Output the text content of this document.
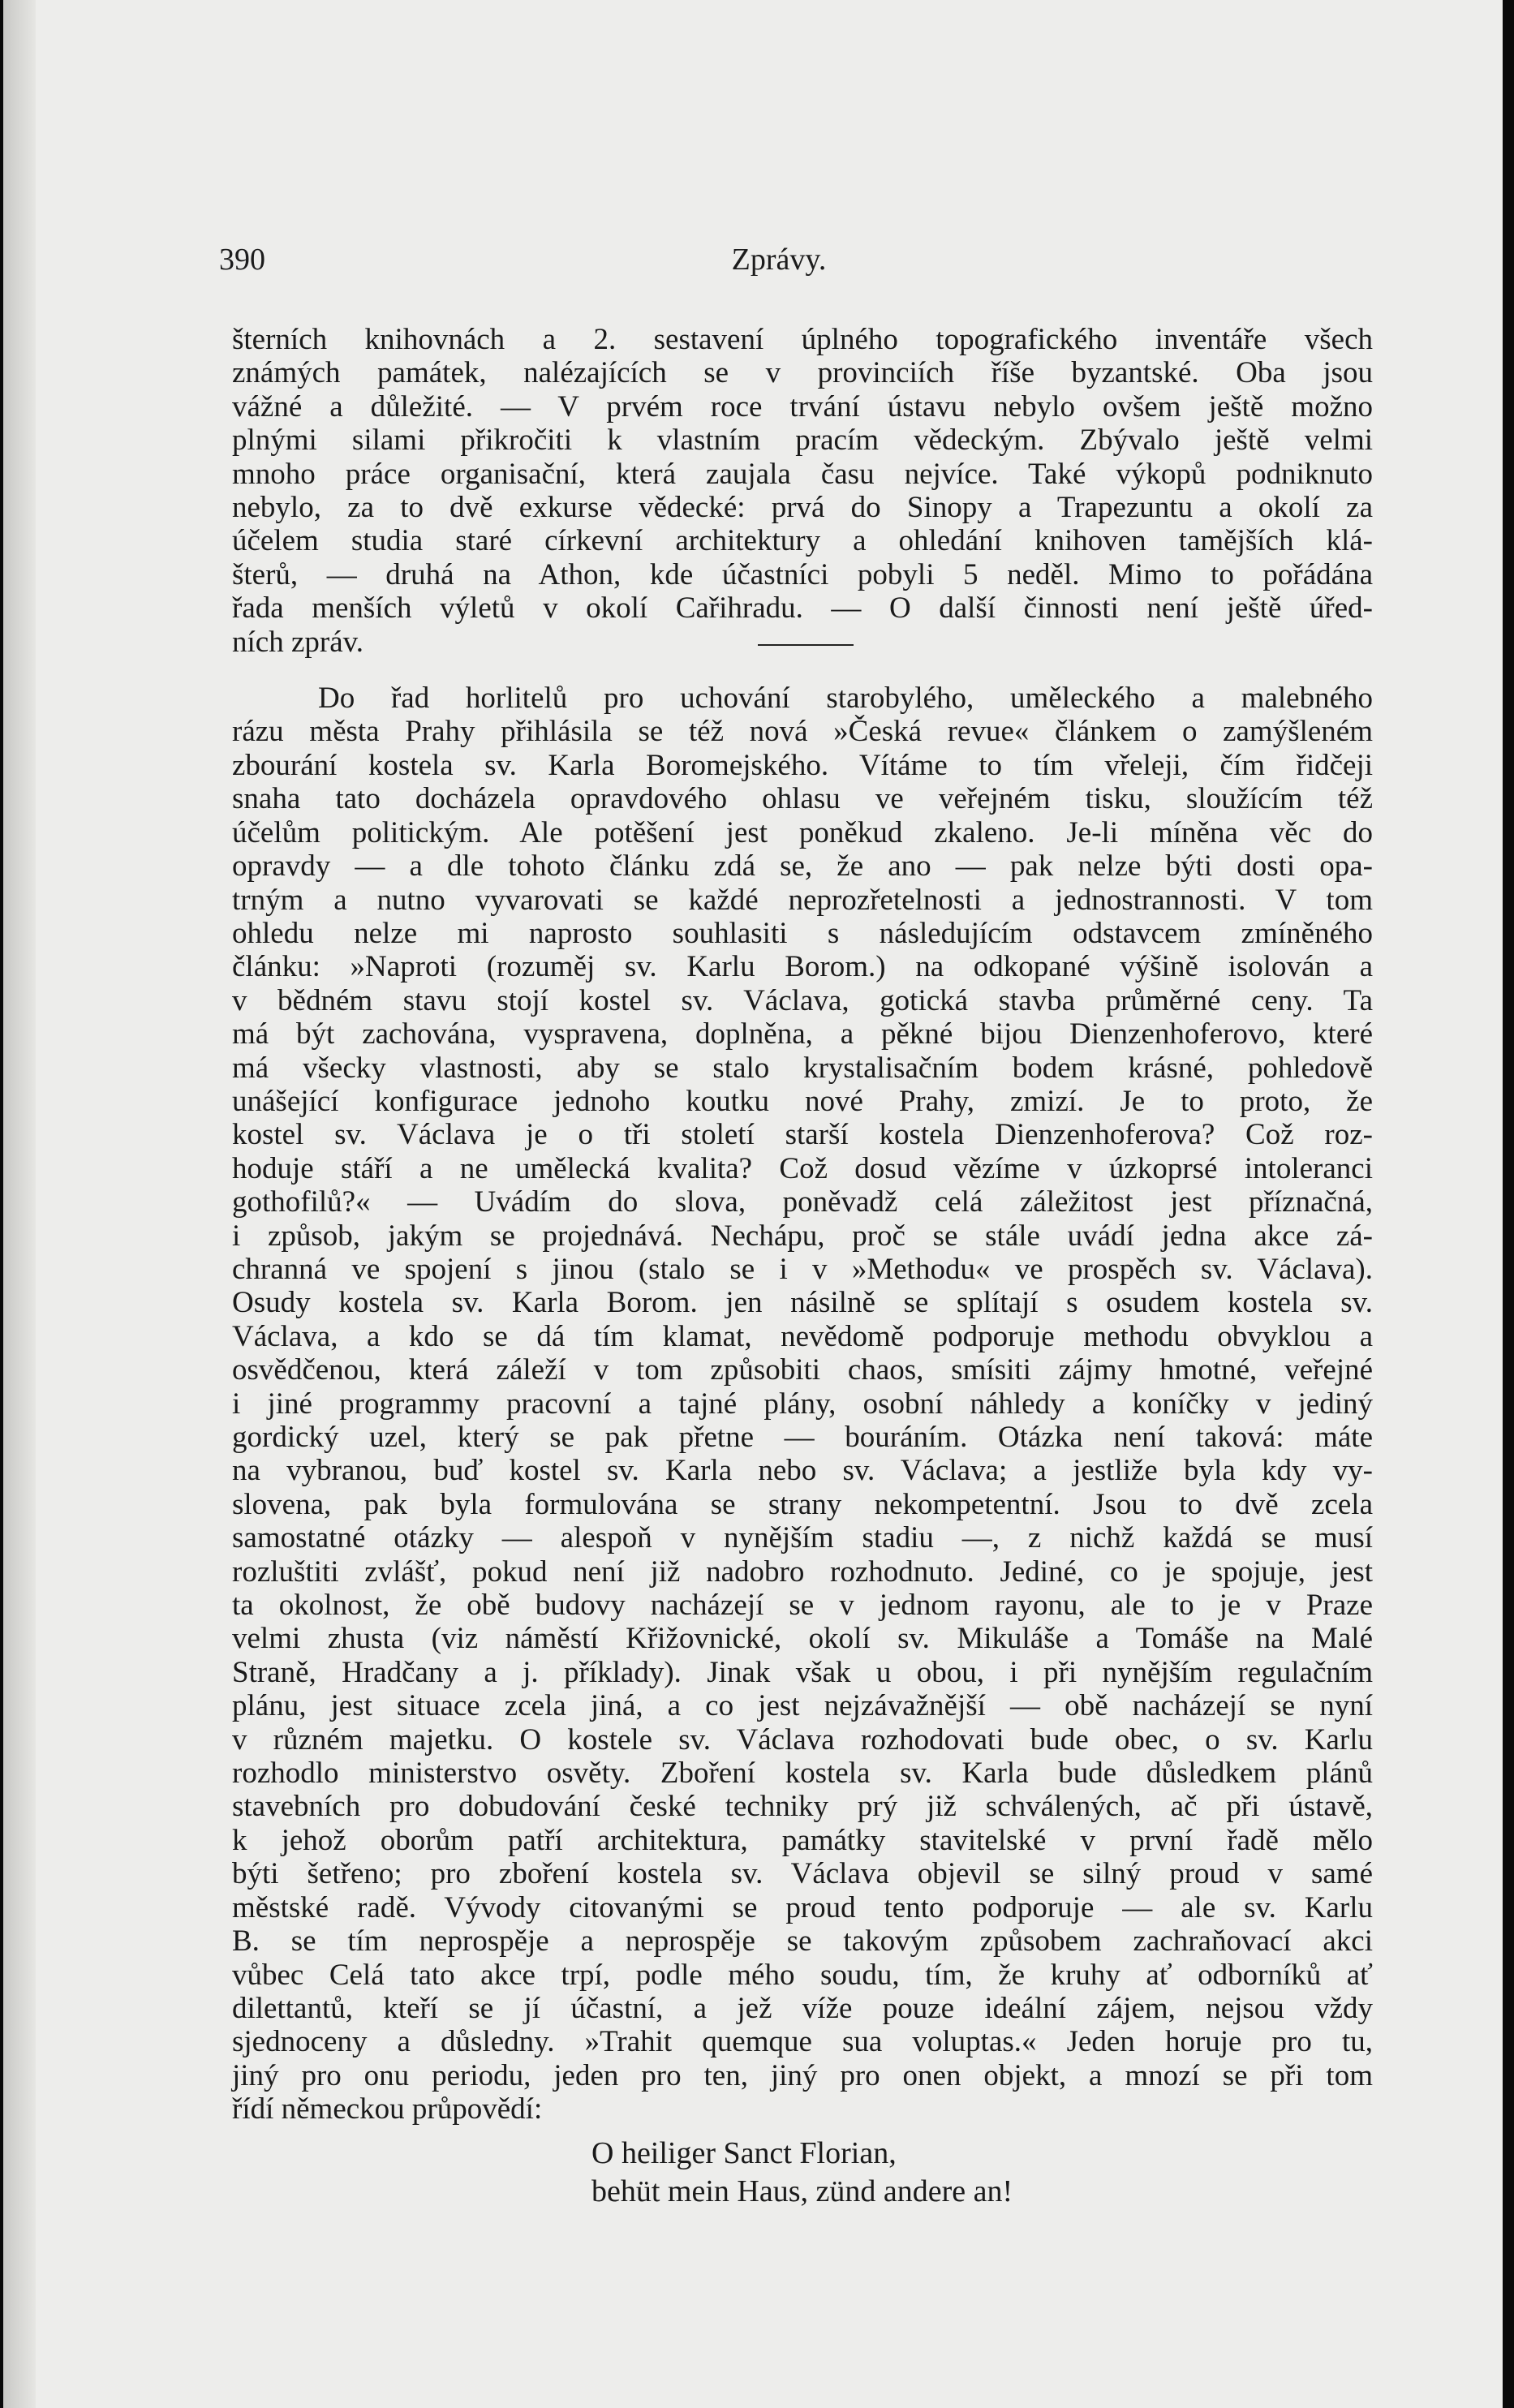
390	Zprávy.

šterních knihovnách a 2. sestavení úplného topografického inventáře všech

známých památek, nalézajících se v provinciích říše byzantské. Oba jsou

vážné a důležité. — V prvém roce trvání ústavu nebylo ovšem ještě možno

plnými silami přikročiti k vlastním pracím vědeckým. Zbývalo ještě velmi

mnoho práce organisační, která zaujala času nejvíce. Také výkopů podniknuto

nebylo, za to dvě exkurse vědecké: prvá do Sinopy a Trapezuntu a okolí za

účelem studia staré církevní architektury a ohledání knihoven tamějších klá-

šterů, — druhá na Athon, kde účastníci pobyli 5 neděl. Mimo to pořádána

řada menších výletů v okolí Cařihradu. — O další činnosti není ještě úřed-

ních zpráv.

Do řad horlitelů pro uchování starobylého, uměleckého a malebného

rázu města Prahy přihlásila se též nová »Česká revue« článkem o zamýšleném

zbourání kostela sv. Karla Boromejského. Vítáme to tím vřeleji, čím řidčeji

snaha tato docházela opravdového ohlasu ve veřejném tisku, sloužícím též

účelům politickým. Ale potěšení jest poněkud zkaleno. Je-li míněna věc do

opravdy — a dle tohoto článku zdá se, že ano — pak nelze býti dosti opa-

trným a nutno vyvarovati se každé neprozřetelnosti a jednostrannosti. V tom

ohledu nelze mi naprosto souhlasiti s následujícím odstavcem zmíněného

článku: »Naproti (rozuměj sv. Karlu Borom.) na odkopané výšině isolován a

v bědném stavu stojí kostel sv. Václava, gotická stavba průměrné ceny. Ta

má být zachována, vyspravena, doplněna, a pěkné bijou Dienzenhoferovo, které

má všecky vlastnosti, aby se stalo krystalisačním bodem krásné, pohledově

unášející konfigurace jednoho koutku nové Prahy, zmizí. Je to proto, že

kostel sv. Václava je o tři století starší kostela Dienzenhoferova? Což roz-

hoduje stáří a ne umělecká kvalita? Což dosud vězíme v úzkoprsé intoleranci

gothofilů?« — Uvádím do slova, poněvadž celá záležitost jest příznačná,

i způsob, jakým se projednává. Nechápu, proč se stále uvádí jedna akce zá-

chranná ve spojení s jinou (stalo se i v »Methodu« ve prospěch sv. Václava).

Osudy kostela sv. Karla Borom. jen násilně se splítají s osudem kostela sv.

Václava, a kdo se dá tím klamat, nevědomě podporuje methodu obvyklou a

osvědčenou, která záleží v tom způsobiti chaos, smísiti zájmy hmotné, veřejné

i jiné programmy pracovní a tajné plány, osobní náhledy a koníčky v jediný

gordický uzel, který se pak přetne — bouráním. Otázka není taková: máte

na vybranou, buď kostel sv. Karla nebo sv. Václava; a jestliže byla kdy vy-

slovena, pak byla formulována se strany nekompetentní. Jsou to dvě zcela

samostatné otázky — alespoň v nynějším stadiu —, z nichž každá se musí

rozluštiti zvlášť, pokud není již nadobro rozhodnuto. Jediné, co je spojuje, jest

ta okolnost, že obě budovy nacházejí se v jednom rayonu, ale to je v Praze

velmi zhusta (viz náměstí Křižovnické, okolí sv. Mikuláše a Tomáše na Malé

Straně, Hradčany a j. příklady). Jinak však u obou, i při nynějším regulačním

plánu, jest situace zcela jiná, a co jest nejzávažnější — obě nacházejí se nyní

v různém majetku. O kostele sv. Václava rozhodovati bude obec, o sv. Karlu

rozhodlo ministerstvo osvěty. Zboření kostela sv. Karla bude důsledkem plánů

stavebních pro dobudování české techniky prý již schválených, ač při ústavě,

k jehož oborům patří architektura, památky stavitelské v první řadě mělo

býti šetřeno; pro zboření kostela sv. Václava objevil se silný proud v samé

městské radě. Vývody citovanými se proud tento podporuje — ale sv. Karlu

B. se tím neprospěje a neprospěje se takovým způsobem zachraňovací akci

vůbec Celá tato akce trpí, podle mého soudu, tím, že kruhy ať odborníků ať

dilettantů, kteří se jí účastní, a jež víže pouze ideální zájem, nejsou vždy

sjednoceny a důsledny. »Trahit quemque sua voluptas.« Jeden horuje pro tu,

jiný pro onu periodu, jeden pro ten, jiný pro onen objekt, a mnozí se při tom

řídí německou průpovědí:

O heiliger Sanct Florian,
behüt mein Haus, zünd andere an!
